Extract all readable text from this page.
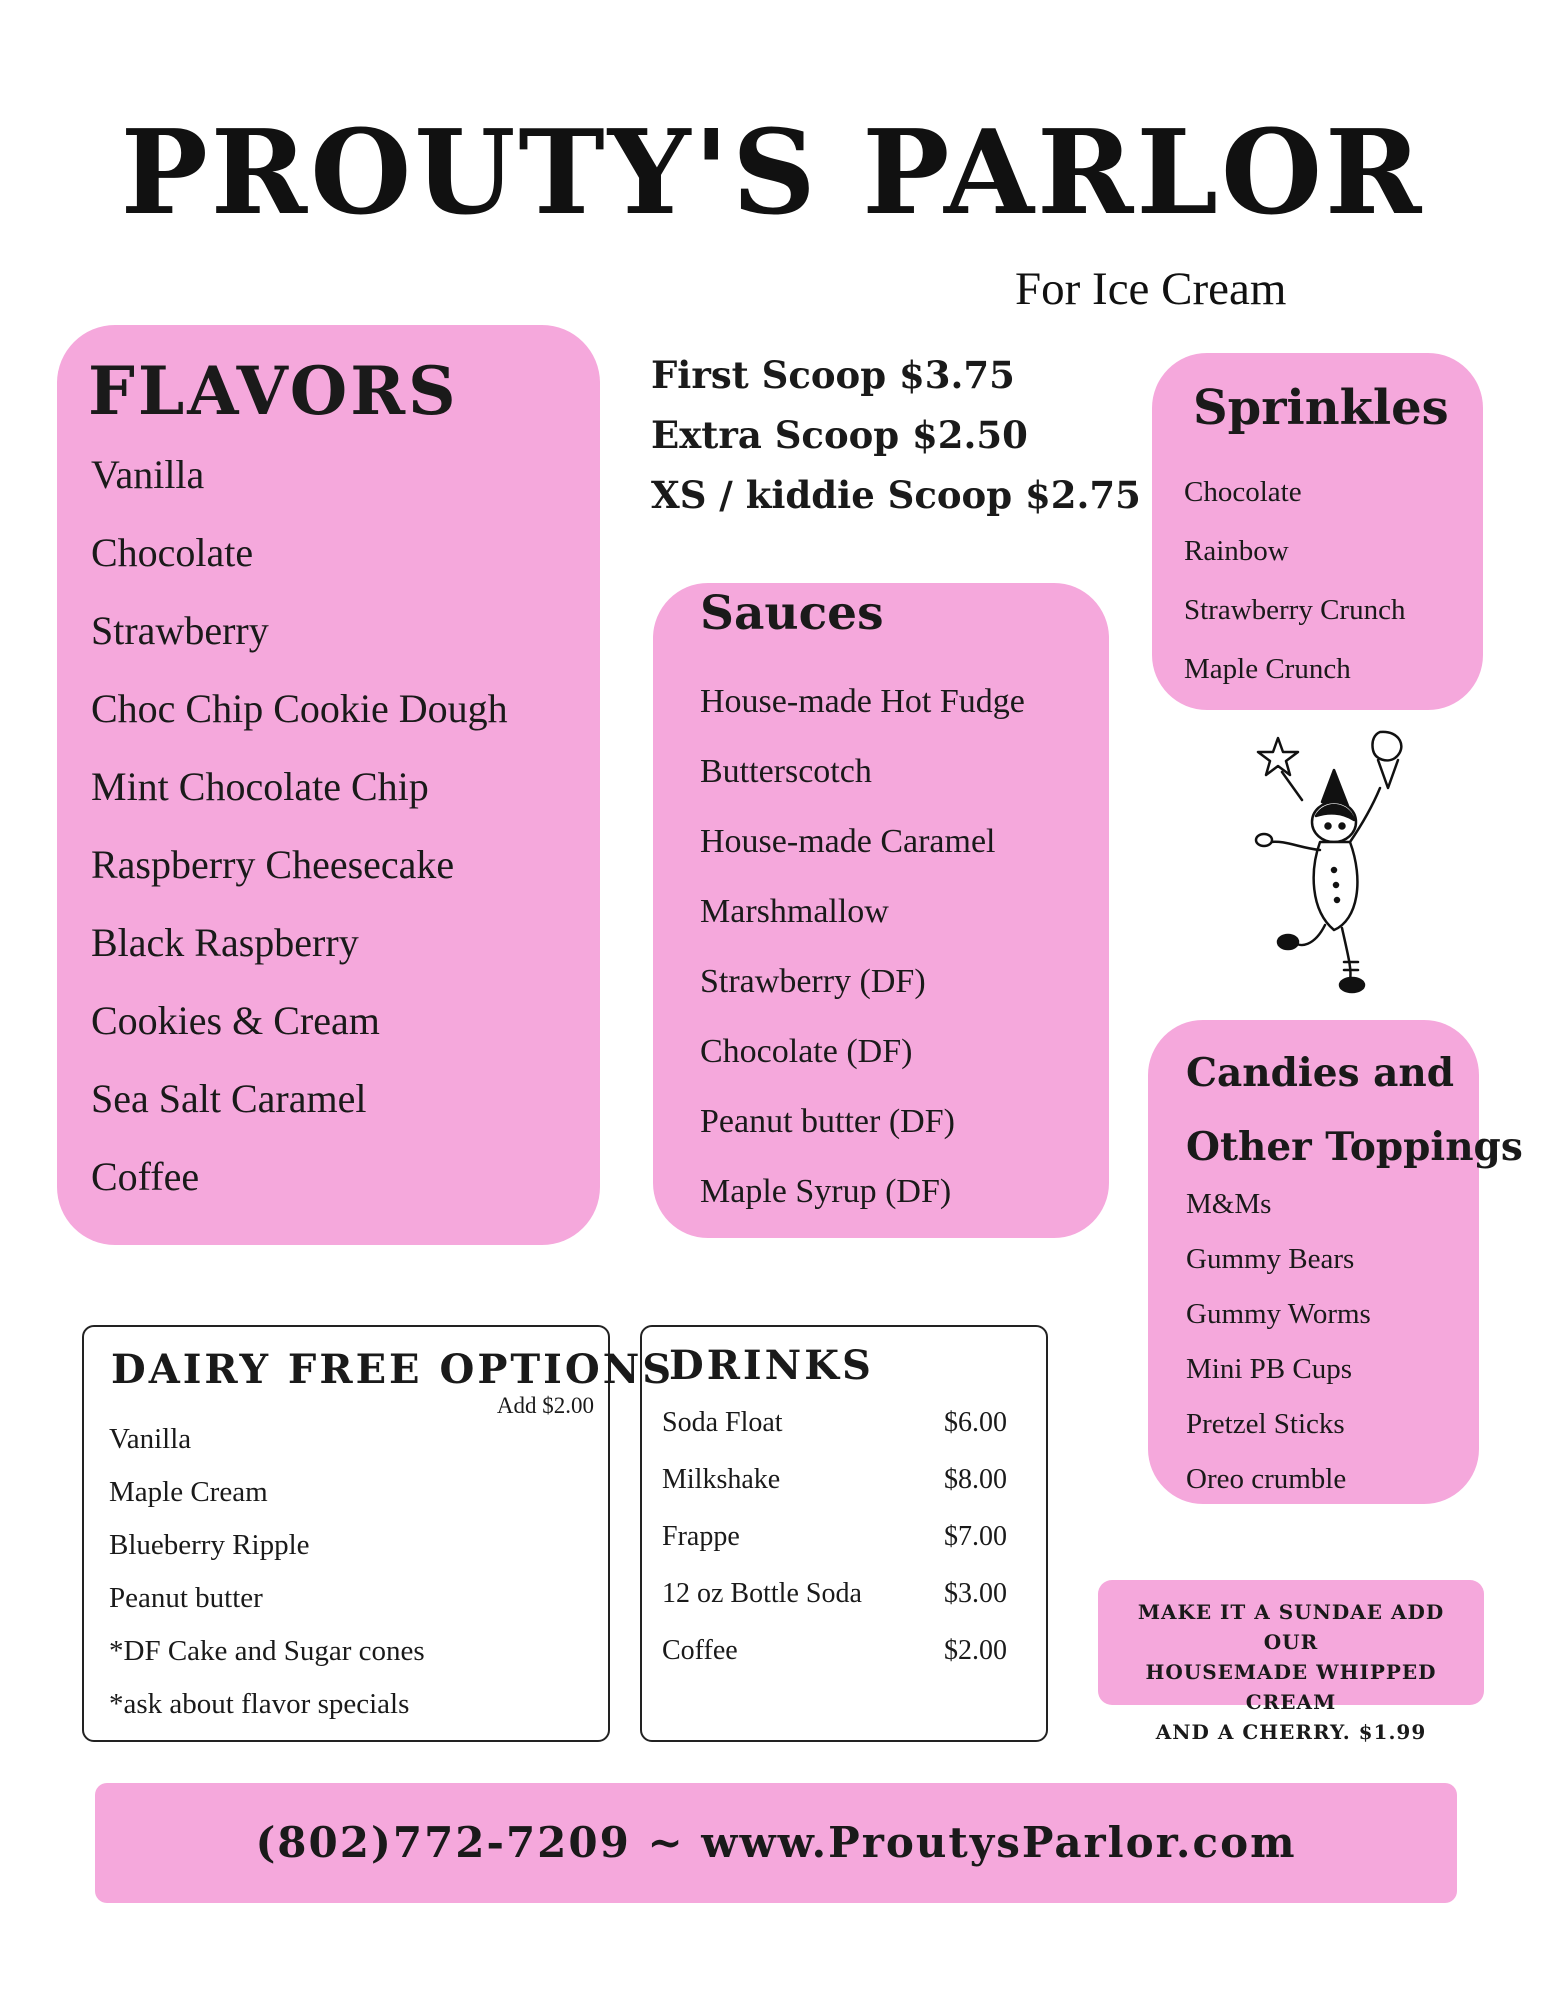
PROUTY'S PARLOR
For Ice Cream
FLAVORS
Vanilla
Chocolate
Strawberry
Choc Chip Cookie Dough
Mint Chocolate Chip
Raspberry Cheesecake
Black Raspberry
Cookies & Cream
Sea Salt Caramel
Coffee
First Scoop $3.75
Extra Scoop $2.50
XS / kiddie Scoop $2.75
Sauces
House-made Hot Fudge
Butterscotch
House-made Caramel
Marshmallow
Strawberry (DF)
Chocolate (DF)
Peanut butter (DF)
Maple Syrup (DF)
Sprinkles
Chocolate
Rainbow
Strawberry Crunch
Maple Crunch
Candies and
Other Toppings
M&Ms
Gummy Bears
Gummy Worms
Mini PB Cups
Pretzel Sticks
Oreo crumble
DAIRY FREE OPTIONS
Add $2.00
Vanilla
Maple Cream
Blueberry Ripple
Peanut butter
*DF Cake and Sugar cones
*ask about flavor specials
DRINKS
Soda Float	$6.00
Milkshake	$8.00
Frappe	$7.00
12 oz Bottle Soda	$3.00
Coffee	$2.00
MAKE IT A SUNDAE ADD OUR
HOUSEMADE WHIPPED CREAM
AND A CHERRY. $1.99
(802)772-7209 ~ www.ProutysParlor.com
